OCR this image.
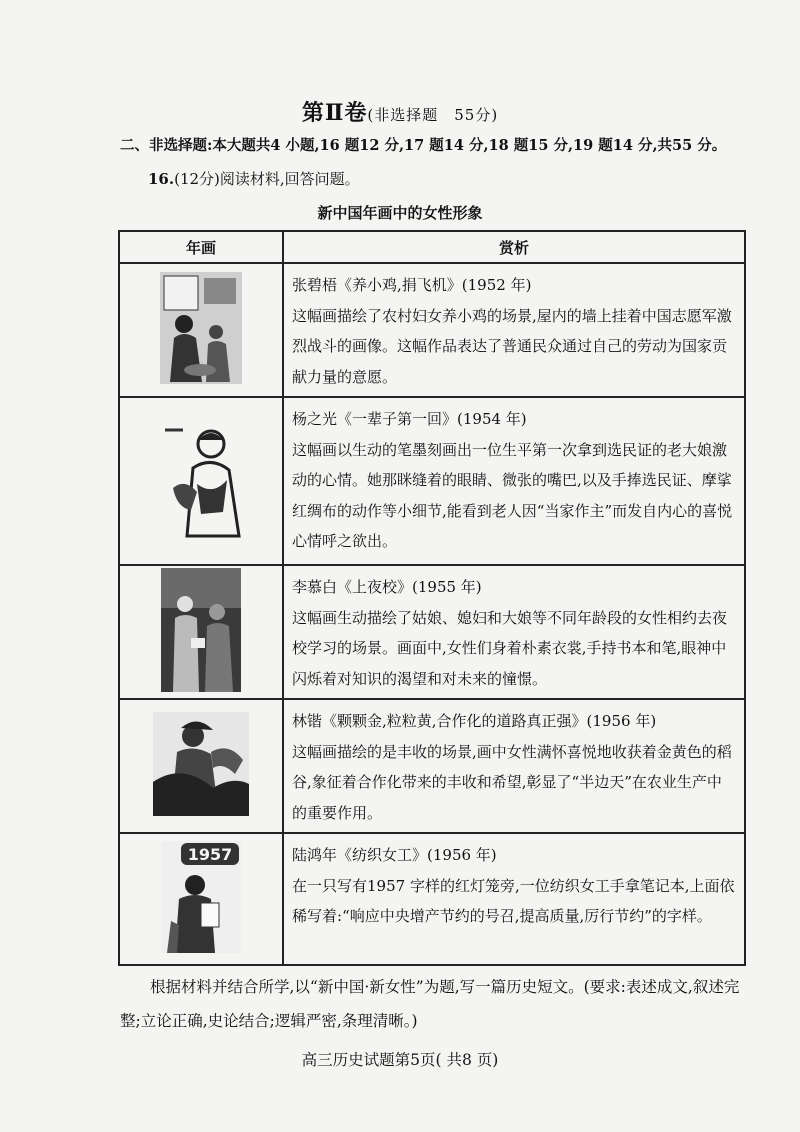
第Ⅱ卷(非选择题　55分)
二、非选择题:本大题共4 小题,16 题12 分,17 题14 分,18 题15 分,19 题14 分,共55 分。
16.(12分)阅读材料,回答问题。
新中国年画中的女性形象
年画	赏析

张碧梧《养小鸡,捐飞机》(1952 年)
这幅画描绘了农村妇女养小鸡的场景,屋内的墙上挂着中国志愿军激烈战斗的画像。这幅作品表达了普通民众通过自己的劳动为国家贡献力量的意愿。

杨之光《一辈子第一回》(1954 年)
这幅画以生动的笔墨刻画出一位生平第一次拿到选民证的老大娘激动的心情。她那眯缝着的眼睛、微张的嘴巴,以及手捧选民证、摩挲红绸布的动作等小细节,能看到老人因“当家作主”而发自内心的喜悦心情呼之欲出。

李慕白《上夜校》(1955 年)
这幅画生动描绘了姑娘、媳妇和大娘等不同年龄段的女性相约去夜校学习的场景。画面中,女性们身着朴素衣裳,手持书本和笔,眼神中闪烁着对知识的渴望和对未来的憧憬。

林锴《颗颗金,粒粒黄,合作化的道路真正强》(1956 年)
这幅画描绘的是丰收的场景,画中女性满怀喜悦地收获着金黄色的稻谷,象征着合作化带来的丰收和希望,彰显了“半边天”在农业生产中的重要作用。

1957	陆鸿年《纺织女工》(1956 年)
在一只写有1957 字样的红灯笼旁,一位纺织女工手拿笔记本,上面依稀写着:“响应中央增产节约的号召,提高质量,厉行节约”的字样。
根据材料并结合所学,以“新中国·新女性”为题,写一篇历史短文。(要求:表述成文,叙述完整;立论正确,史论结合;逻辑严密,条理清晰。)
高三历史试题第5页( 共8 页)
